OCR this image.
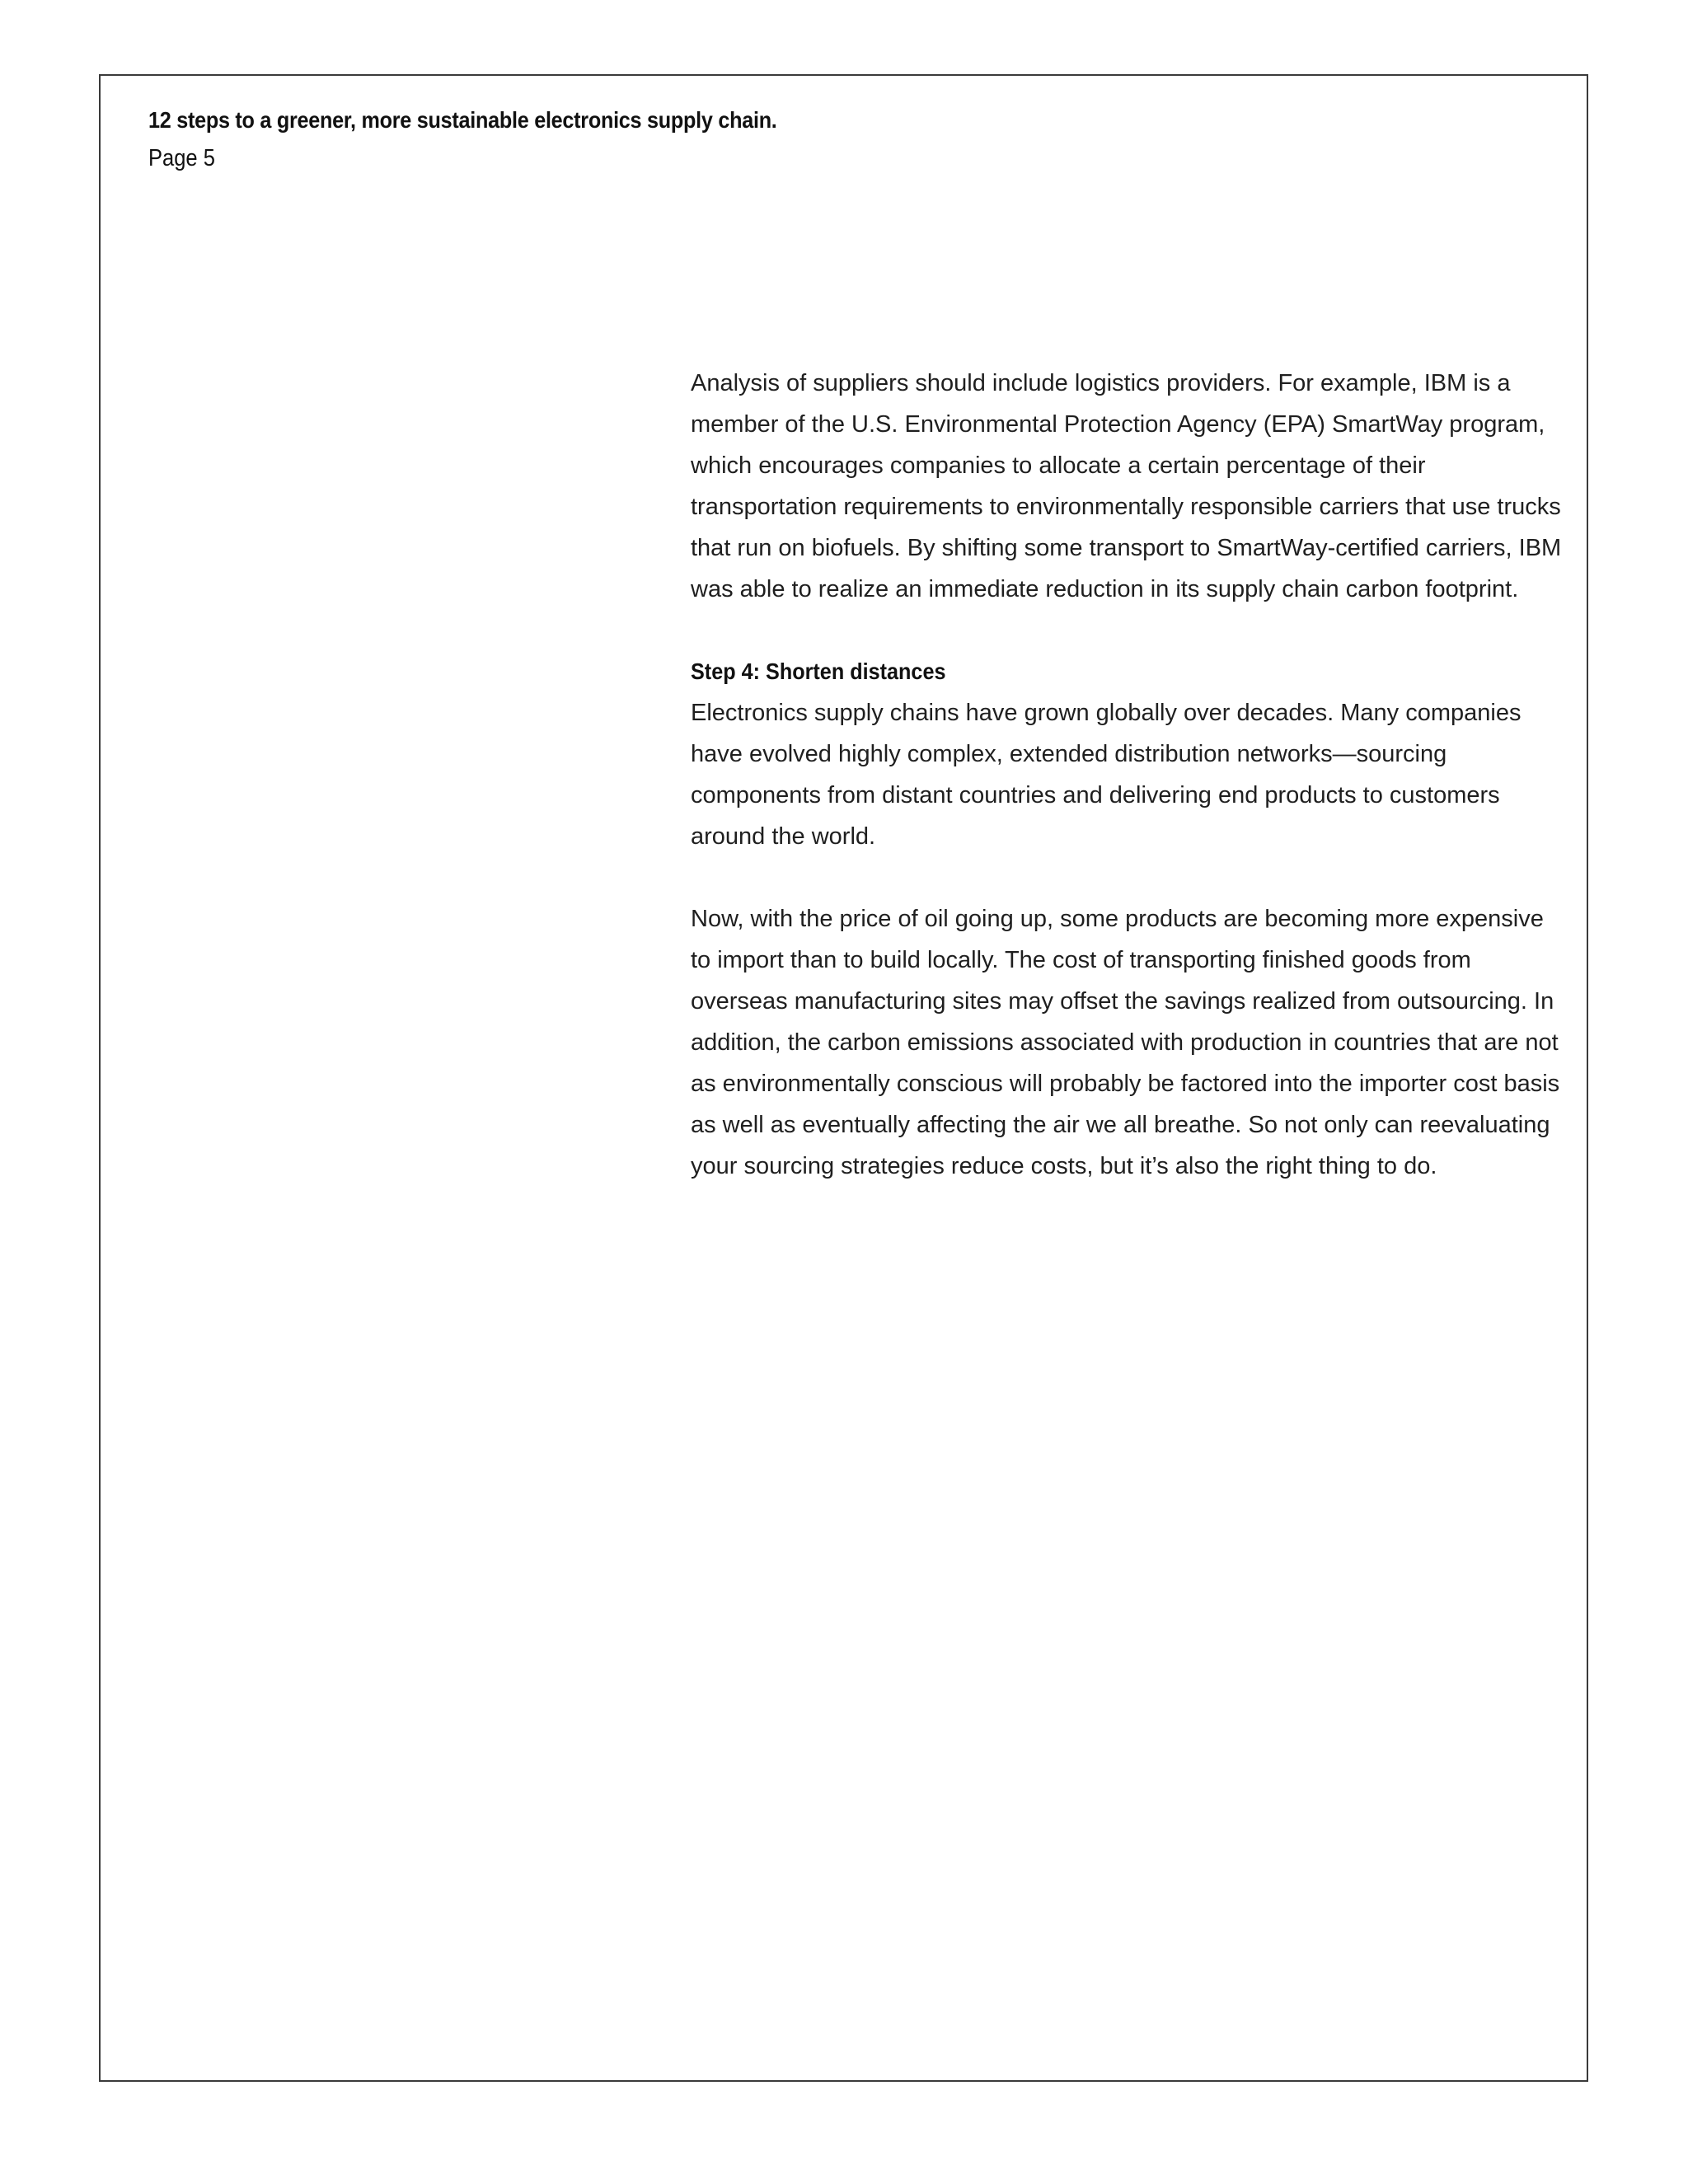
12 steps to a greener, more sustainable electronics supply chain.
Page 5

Analysis of suppliers should include logistics providers. For example, IBM is a member of the U.S. Environmental Protection Agency (EPA) SmartWay program, which encourages companies to allocate a certain percentage of their transportation requirements to environmentally responsible carriers that use trucks that run on biofuels. By shifting some transport to SmartWay-certified carriers, IBM was able to realize an immediate reduction in its supply chain carbon footprint.

Step 4: Shorten distances

Electronics supply chains have grown globally over decades. Many companies have evolved highly complex, extended distribution networks—sourcing components from distant countries and delivering end products to customers around the world.

Now, with the price of oil going up, some products are becoming more expensive to import than to build locally. The cost of transporting finished goods from overseas manufacturing sites may offset the savings realized from outsourcing. In addition, the carbon emissions associated with production in countries that are not as environmentally conscious will probably be factored into the importer cost basis as well as eventually affecting the air we all breathe. So not only can reevaluating your sourcing strategies reduce costs, but it’s also the right thing to do.
